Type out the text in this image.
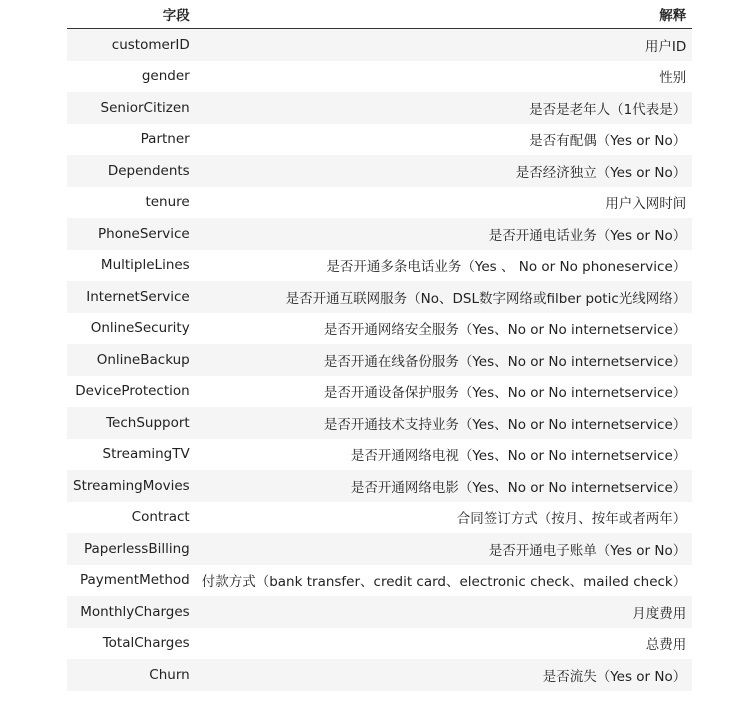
字段	解释
customerID	用户ID
gender	性别
SeniorCitizen	是否是老年人（1代表是）
Partner	是否有配偶（Yes or No）
Dependents	是否经济独立（Yes or No）
tenure	用户入网时间
PhoneService	是否开通电话业务（Yes or No）
MultipleLines	是否开通多条电话业务（Yes 、 No or No phoneservice）
InternetService	是否开通互联网服务（No、DSL数字网络或filber potic光线网络）
OnlineSecurity	是否开通网络安全服务（Yes、No or No internetservice）
OnlineBackup	是否开通在线备份服务（Yes、No or No internetservice）
DeviceProtection	是否开通设备保护服务（Yes、No or No internetservice）
TechSupport	是否开通技术支持业务（Yes、No or No internetservice）
StreamingTV	是否开通网络电视（Yes、No or No internetservice）
StreamingMovies	是否开通网络电影（Yes、No or No internetservice）
Contract	合同签订方式（按月、按年或者两年）
PaperlessBilling	是否开通电子账单（Yes or No）
PaymentMethod	付款方式（bank transfer、credit card、electronic check、mailed check）
MonthlyCharges	月度费用
TotalCharges	总费用
Churn	是否流失（Yes or No）
